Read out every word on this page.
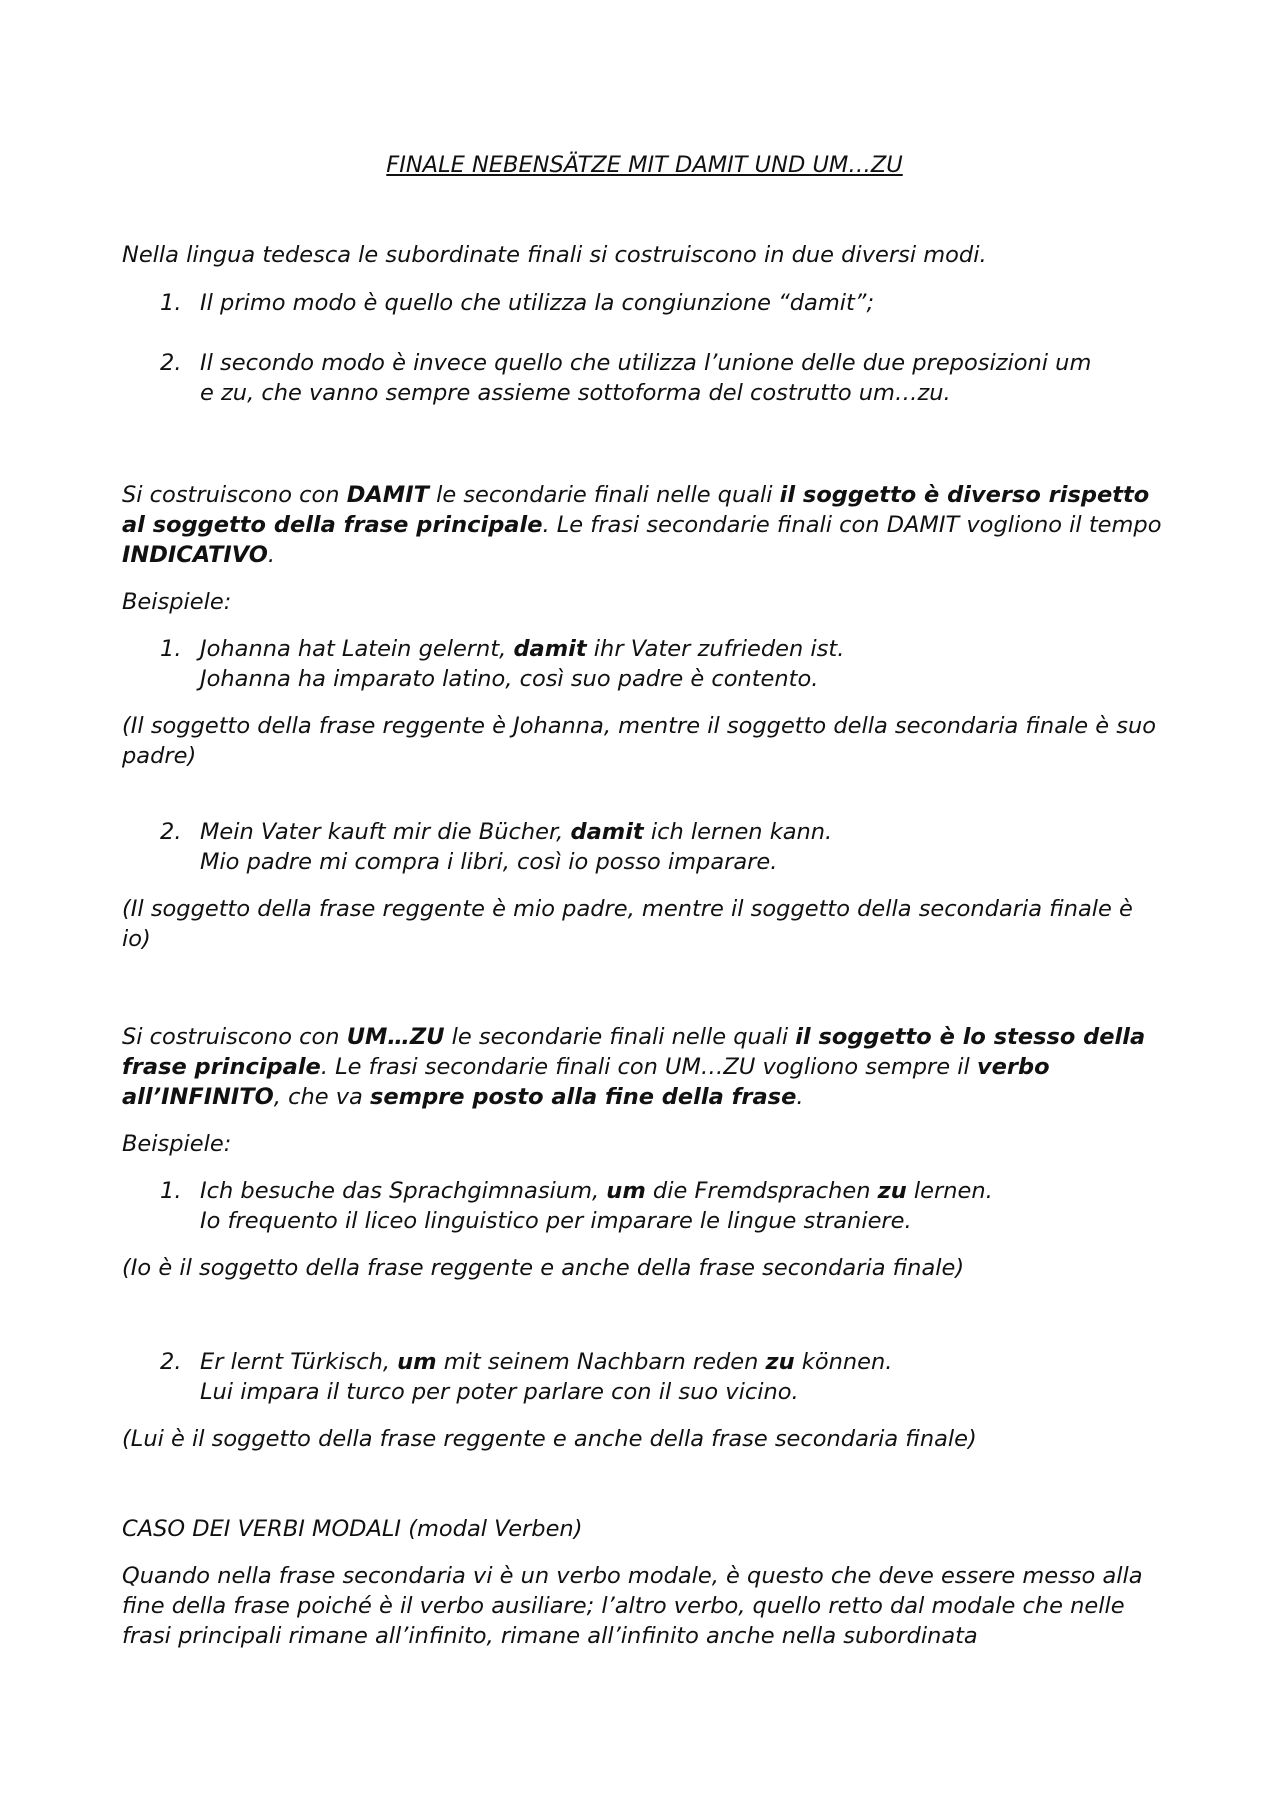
FINALE NEBENSÄTZE MIT DAMIT UND UM…ZU

Nella lingua tedesca le subordinate finali si costruiscono in due diversi modi.

1. Il primo modo è quello che utilizza la congiunzione “damit”;
2. Il secondo modo è invece quello che utilizza l’unione delle due preposizioni um
e zu, che vanno sempre assieme sottoforma del costrutto um…zu.

Si costruiscono con DAMIT le secondarie finali nelle quali il soggetto è diverso rispetto al soggetto della frase principale. Le frasi secondarie finali con DAMIT vogliono il tempo INDICATIVO.

Beispiele:

1. Johanna hat Latein gelernt, damit ihr Vater zufrieden ist.
Johanna ha imparato latino, così suo padre è contento.

(Il soggetto della frase reggente è Johanna, mentre il soggetto della secondaria finale è suo padre)

2. Mein Vater kauft mir die Bücher, damit ich lernen kann.
Mio padre mi compra i libri, così io posso imparare.

(Il soggetto della frase reggente è mio padre, mentre il soggetto della secondaria finale è io)

Si costruiscono con UM…ZU le secondarie finali nelle quali il soggetto è lo stesso della frase principale. Le frasi secondarie finali con UM…ZU vogliono sempre il verbo all’INFINITO, che va sempre posto alla fine della frase.

Beispiele:

1. Ich besuche das Sprachgimnasium, um die Fremdsprachen zu lernen.
Io frequento il liceo linguistico per imparare le lingue straniere.

(Io è il soggetto della frase reggente e anche della frase secondaria finale)

2. Er lernt Türkisch, um mit seinem Nachbarn reden zu können.
Lui impara il turco per poter parlare con il suo vicino.

(Lui è il soggetto della frase reggente e anche della frase secondaria finale)

CASO DEI VERBI MODALI (modal Verben)

Quando nella frase secondaria vi è un verbo modale, è questo che deve essere messo alla fine della frase poiché è il verbo ausiliare; l’altro verbo, quello retto dal modale che nelle frasi principali rimane all’infinito, rimane all’infinito anche nella subordinata
